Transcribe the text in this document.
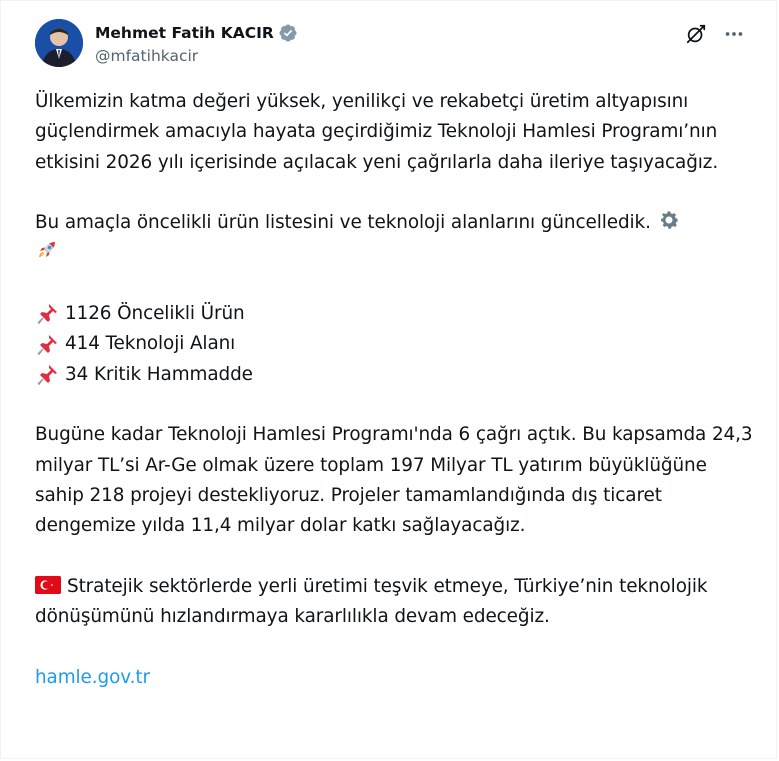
Mehmet Fatih KACIR
@mfatihkacir

Ülkemizin katma değeri yüksek, yenilikçi ve rekabetçi üretim altyapısını güçlendirmek amacıyla hayata geçirdiğimiz Teknoloji Hamlesi Programı’nın etkisini 2026 yılı içerisinde açılacak yeni çağrılarla daha ileriye taşıyacağız.

Bu amaçla öncelikli ürün listesini ve teknoloji alanlarını güncelledik.

1126 Öncelikli Ürün
414 Teknoloji Alanı
34 Kritik Hammadde

Bugüne kadar Teknoloji Hamlesi Programı'nda 6 çağrı açtık. Bu kapsamda 24,3 milyar TL’si Ar-Ge olmak üzere toplam 197 Milyar TL yatırım büyüklüğüne sahip 218 projeyi destekliyoruz. Projeler tamamlandığında dış ticaret dengemize yılda 11,4 milyar dolar katkı sağlayacağız.

Stratejik sektörlerde yerli üretimi teşvik etmeye, Türkiye’nin teknolojik dönüşümünü hızlandırmaya kararlılıkla devam edeceğiz.

hamle.gov.tr
